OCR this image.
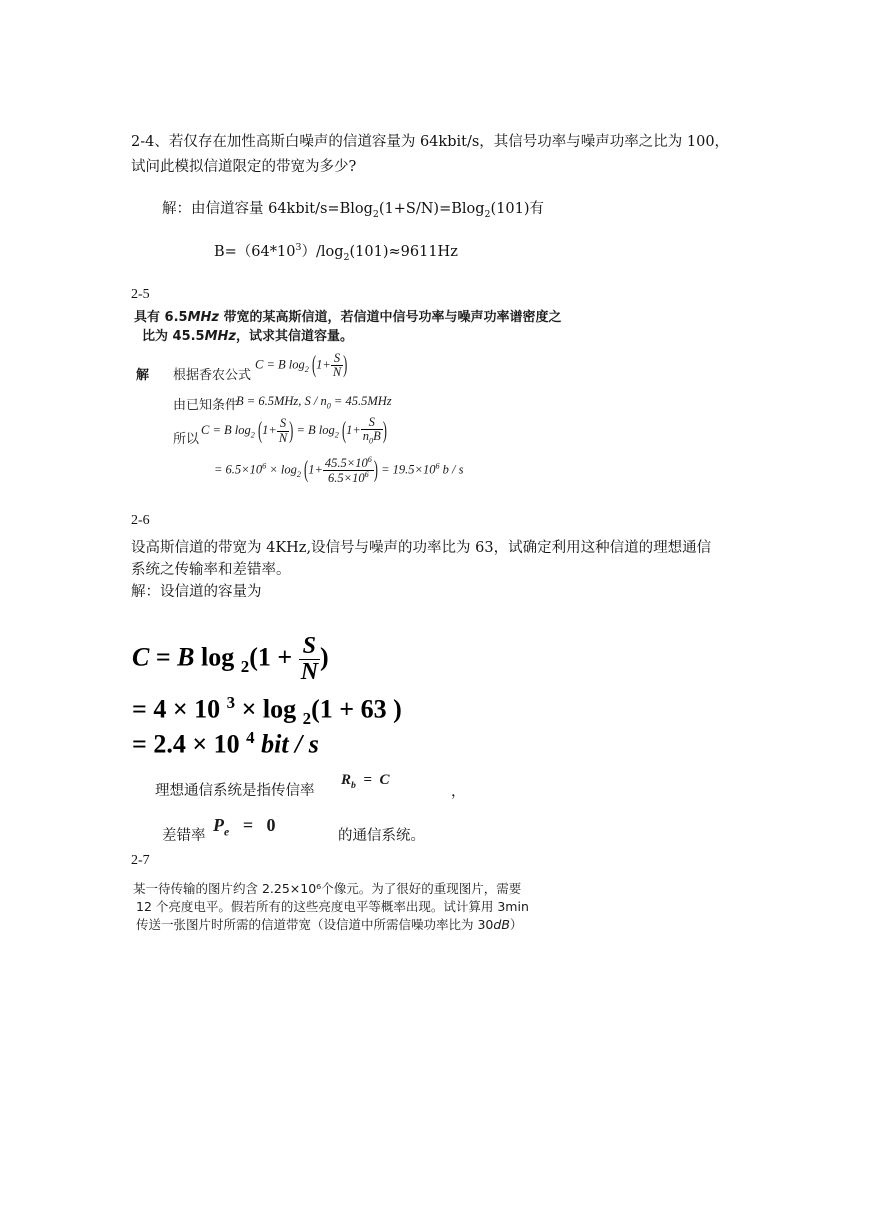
2-4、若仅存在加性高斯白噪声的信道容量为 64kbit/s，其信号功率与噪声功率之比为 100，
试问此模拟信道限定的带宽为多少?
解：由信道容量 64kbit/s=Blog$_2$(1+S/N)=Blog$_2$(101)有
$B=(64*10^3)/\log_2(101)\approx 9611Hz$
2-5
具有 6.5MHz 带宽的某高斯信道，若信道中信号功率与噪声功率谱密度之
比为 45.5MHz，试求其信道容量。
解 根据香农公式
C = B $\log_2 (1+ \frac{S}{N}$ )
由已知条件
B = 6.5MHz, $S / n_0 = 45.5MHz$
所以
C = B $\log_2 (1+ \frac{S}{N}$ ) = B $\log_2 (1+ \frac{S}{n_0B}$ )
= $6.5\times 10^6 \times \log_2 (1+ \frac{45.5\times 10^6}{6.5\times 10^6}$ ) = $19.5\times 10^6$ b / s
2-6
设高斯信道的带宽为 4KHz,设信号与噪声的功率比为 63，试确定利用这种信道的理想通信
系统之传输率和差错率。
解：设信道的容量为
C = B $\log _2(1 + \frac{S}{N}$ )
= 4 × 10 $^3$ × log $_2$(1 + 63 )
= 2.4 × 10 $^4$ bit / s
理想通信系统是指传信率
$R_b = C$
，
差错率
$P_e = 0$
的通信系统。
2-7
某一待传输的图片约含 2.25×10⁶个像元。为了很好的重现图片，需要
12 个亮度电平。假若所有的这些亮度电平等概率出现。试计算用 3min
传送一张图片时所需的信道带宽（设信道中所需信噪功率比为 30dB）
